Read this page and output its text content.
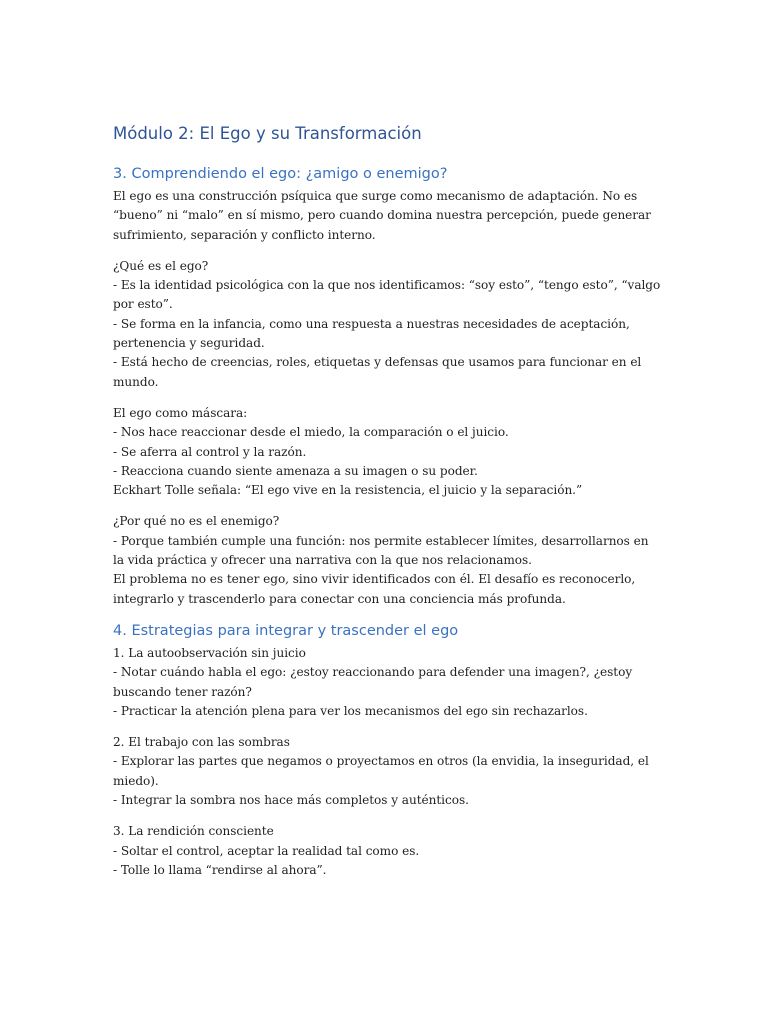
Módulo 2: El Ego y su Transformación
3. Comprendiendo el ego: ¿amigo o enemigo?

El ego es una construcción psíquica que surge como mecanismo de adaptación. No es “bueno” ni “malo” en sí mismo, pero cuando domina nuestra percepción, puede generar sufrimiento, separación y conflicto interno.

¿Qué es el ego?
- Es la identidad psicológica con la que nos identificamos: “soy esto”, “tengo esto”, “valgo por esto”.
- Se forma en la infancia, como una respuesta a nuestras necesidades de aceptación, pertenencia y seguridad.
- Está hecho de creencias, roles, etiquetas y defensas que usamos para funcionar en el mundo.

El ego como máscara:
- Nos hace reaccionar desde el miedo, la comparación o el juicio.
- Se aferra al control y la razón.
- Reacciona cuando siente amenaza a su imagen o su poder.
Eckhart Tolle señala: “El ego vive en la resistencia, el juicio y la separación.”

¿Por qué no es el enemigo?
- Porque también cumple una función: nos permite establecer límites, desarrollarnos en la vida práctica y ofrecer una narrativa con la que nos relacionamos.
El problema no es tener ego, sino vivir identificados con él. El desafío es reconocerlo, integrarlo y trascenderlo para conectar con una conciencia más profunda.

4. Estrategias para integrar y trascender el ego

1. La autoobservación sin juicio
- Notar cuándo habla el ego: ¿estoy reaccionando para defender una imagen?, ¿estoy buscando tener razón?
- Practicar la atención plena para ver los mecanismos del ego sin rechazarlos.

2. El trabajo con las sombras
- Explorar las partes que negamos o proyectamos en otros (la envidia, la inseguridad, el miedo).
- Integrar la sombra nos hace más completos y auténticos.

3. La rendición consciente
- Soltar el control, aceptar la realidad tal como es.
- Tolle lo llama “rendirse al ahora”.
